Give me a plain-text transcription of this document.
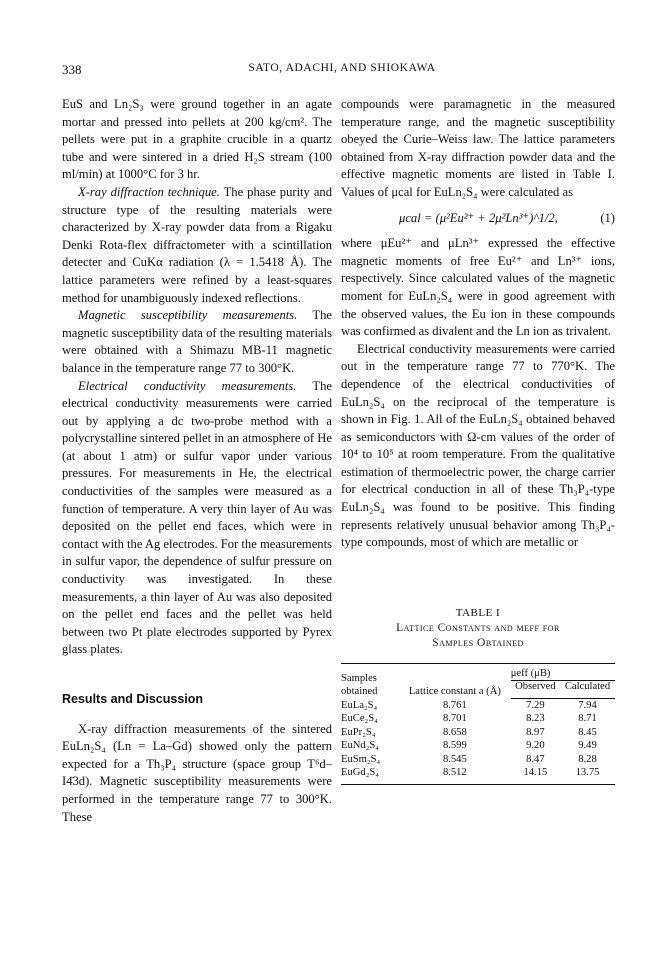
338	SATO, ADACHI, AND SHIOKAWA

EuS and Ln₂S₃ were ground together in an agate mortar and pressed into pellets at 200 kg/cm². The pellets were put in a graphite crucible in a quartz tube and were sintered in a dried H₂S stream (100 ml/min) at 1000°C for 3 hr.

X-ray diffraction technique. The phase purity and structure type of the resulting materials were characterized by X-ray powder data from a Rigaku Denki Rota-flex diffractometer with a scintillation detecter and CuKα radiation (λ = 1.5418 Å). The lattice parameters were refined by a least-squares method for unambiguously indexed reflections.

Magnetic susceptibility measurements. The magnetic susceptibility data of the resulting materials were obtained with a Shimazu MB-11 magnetic balance in the temperature range 77 to 300°K.

Electrical conductivity measurements. The electrical conductivity measurements were carried out by applying a dc two-probe method with a polycrystalline sintered pellet in an atmosphere of He (at about 1 atm) or sulfur vapor under various pressures. For measurements in He, the electrical conductivities of the samples were measured as a function of temperature. A very thin layer of Au was deposited on the pellet end faces, which were in contact with the Ag electrodes. For the measurements in sulfur vapor, the dependence of sulfur pressure on conductivity was investigated. In these measurements, a thin layer of Au was also deposited on the pellet end faces and the pellet was held between two Pt plate electrodes supported by Pyrex glass plates.

Results and Discussion

X-ray diffraction measurements of the sintered EuLn₂S₄ (Ln = La–Gd) showed only the pattern expected for a Th₃P₄ structure (space group T⁶d–I4̄3d). Magnetic susceptibility measurements were performed in the temperature range 77 to 300°K. These

compounds were paramagnetic in the measured temperature range, and the magnetic susceptibility obeyed the Curie–Weiss law. The lattice parameters obtained from X-ray diffraction powder data and the effective magnetic moments are listed in Table I. Values of μcal for EuLn₂S₄ were calculated as

μcal = (μ²Eu²⁺ + 2μ²Ln³⁺)^1/2,	(1)

where μEu²⁺ and μLn³⁺ expressed the effective magnetic moments of free Eu²⁺ and Ln³⁺ ions, respectively. Since calculated values of the magnetic moment for EuLn₂S₄ were in good agreement with the observed values, the Eu ion in these compounds was confirmed as divalent and the Ln ion as trivalent.

Electrical conductivity measurements were carried out in the temperature range 77 to 770°K. The dependence of the electrical conductivities of EuLn₂S₄ on the reciprocal of the temperature is shown in Fig. 1. All of the EuLn₂S₄ obtained behaved as semiconductors with Ω-cm values of the order of 10⁴ to 10⁵ at room temperature. From the qualitative estimation of thermoelectric power, the charge carrier for electrical conduction in all of these Th₃P₄-type EuLn₂S₄ was found to be positive. This finding represents relatively unusual behavior among Th₃P₄-type compounds, most of which are metallic or

TABLE I
Lattice Constants and μeff for
Samples Obtained
Samples obtained	Lattice constant a (Å)	μeff (μB)	
		Observed	Calculated
EuLa₂S₄	8.761	7.29	7.94
EuCe₂S₄	8.701	8.23	8.71
EuPr₂S₄	8.658	8.97	8.45
EuNd₂S₄	8.599	9.20	9.49
EuSm₂S₄	8.545	8.47	8.28
EuGd₂S₄	8.512	14.15	13.75
